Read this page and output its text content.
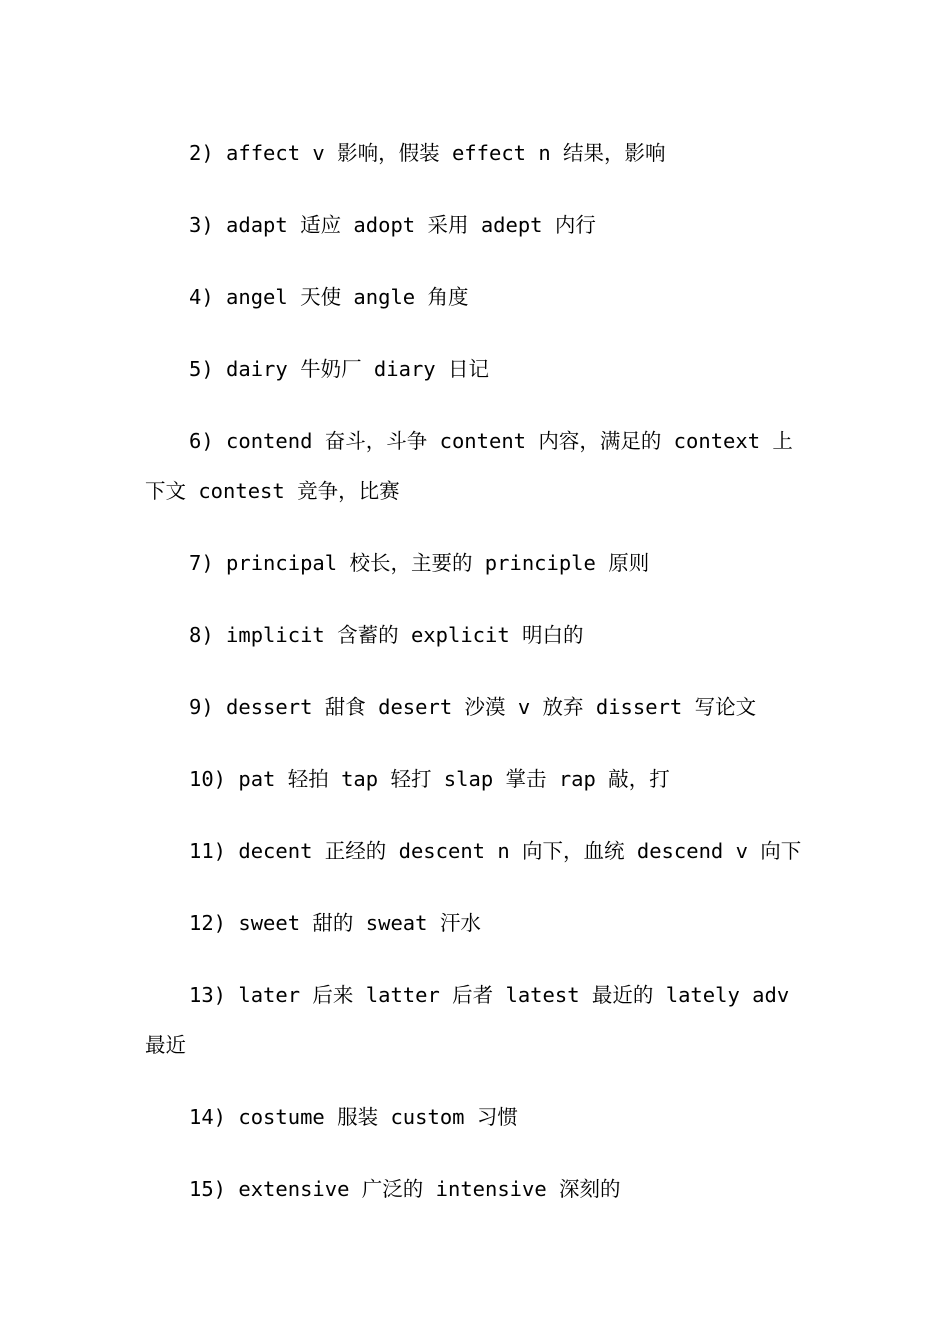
2) affect v 影响，假装 effect n 结果，影响

3) adapt 适应 adopt 采用 adept 内行

4) angel 天使 angle 角度

5) dairy 牛奶厂 diary 日记

6) contend 奋斗，斗争 content 内容，满足的 context 上下文 contest 竞争，比赛

7) principal 校长，主要的 principle 原则

8) implicit 含蓄的 explicit 明白的

9) dessert 甜食 desert 沙漠 v 放弃 dissert 写论文

10) pat 轻拍 tap 轻打 slap 掌击 rap 敲，打

11) decent 正经的 descent n 向下，血统 descend v 向下

12) sweet 甜的 sweat 汗水

13) later 后来 latter 后者 latest 最近的 lately adv 最近

14) costume 服装 custom 习惯

15) extensive 广泛的 intensive 深刻的
